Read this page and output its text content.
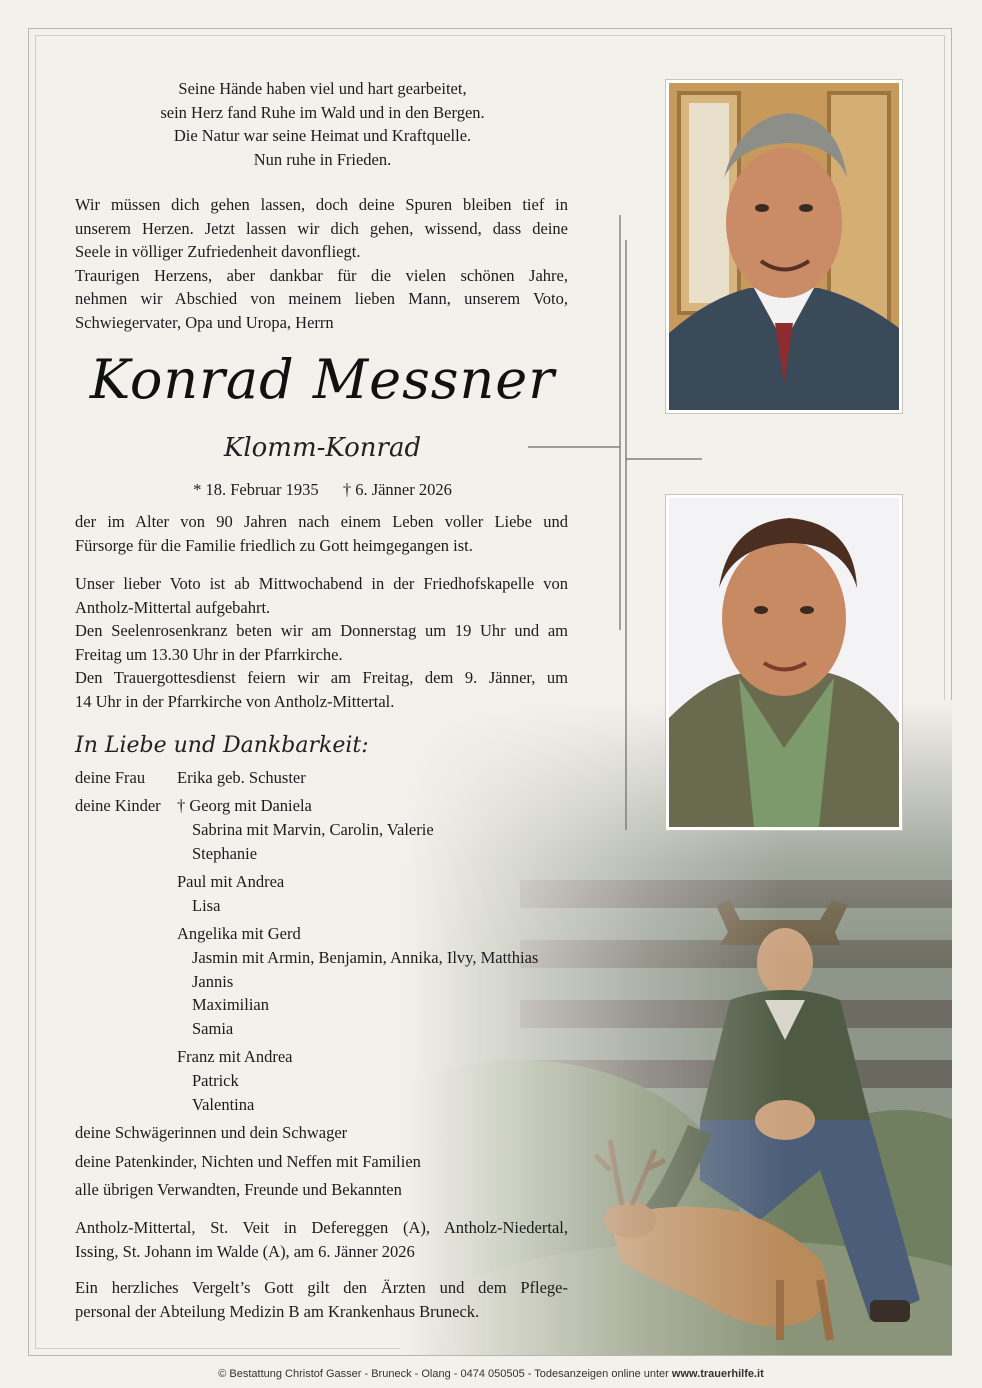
Seine Hände haben viel und hart gearbeitet,
sein Herz fand Ruhe im Wald und in den Bergen.
Die Natur war seine Heimat und Kraftquelle.
Nun ruhe in Frieden.
Wir müssen dich gehen lassen, doch deine Spuren bleiben tief in
unserem Herzen. Jetzt lassen wir dich gehen, wissend, dass deine
Seele in völliger Zufriedenheit davonfliegt.
Traurigen Herzens, aber dankbar für die vielen schönen Jahre,
nehmen wir Abschied von meinem lieben Mann, unserem Voto,
Schwiegervater, Opa und Uropa, Herrn
Konrad Messner
Klomm-Konrad
* 18. Februar 1935 † 6. Jänner 2026
der im Alter von 90 Jahren nach einem Leben voller Liebe und
Fürsorge für die Familie friedlich zu Gott heimgegangen ist.
Unser lieber Voto ist ab Mittwochabend in der Friedhofskapelle von
Antholz-Mittertal aufgebahrt.
Den Seelenrosenkranz beten wir am Donnerstag um 19 Uhr und am
Freitag um 13.30 Uhr in der Pfarrkirche.
Den Trauergottesdienst feiern wir am Freitag, dem 9. Jänner, um
14 Uhr in der Pfarrkirche von Antholz-Mittertal.
In Liebe und Dankbarkeit:
deine Frau Erika geb. Schuster
deine Kinder † Georg mit Daniela
Sabrina mit Marvin, Carolin, Valerie
Stephanie
Paul mit Andrea
Lisa
Angelika mit Gerd
Jasmin mit Armin, Benjamin, Annika, Ilvy, Matthias
Jannis
Maximilian
Samia
Franz mit Andrea
Patrick
Valentina
deine Schwägerinnen und dein Schwager
deine Patenkinder, Nichten und Neffen mit Familien
alle übrigen Verwandten, Freunde und Bekannten
Antholz-Mittertal, St. Veit in Defereggen (A), Antholz-Niedertal,
Issing, St. Johann im Walde (A), am 6. Jänner 2026
Ein herzliches Vergelt’s Gott gilt den Ärzten und dem Pflege-
personal der Abteilung Medizin B am Krankenhaus Bruneck.
© Bestattung Christof Gasser - Bruneck - Olang - 0474 050505 - Todesanzeigen online unter www.trauerhilfe.it
